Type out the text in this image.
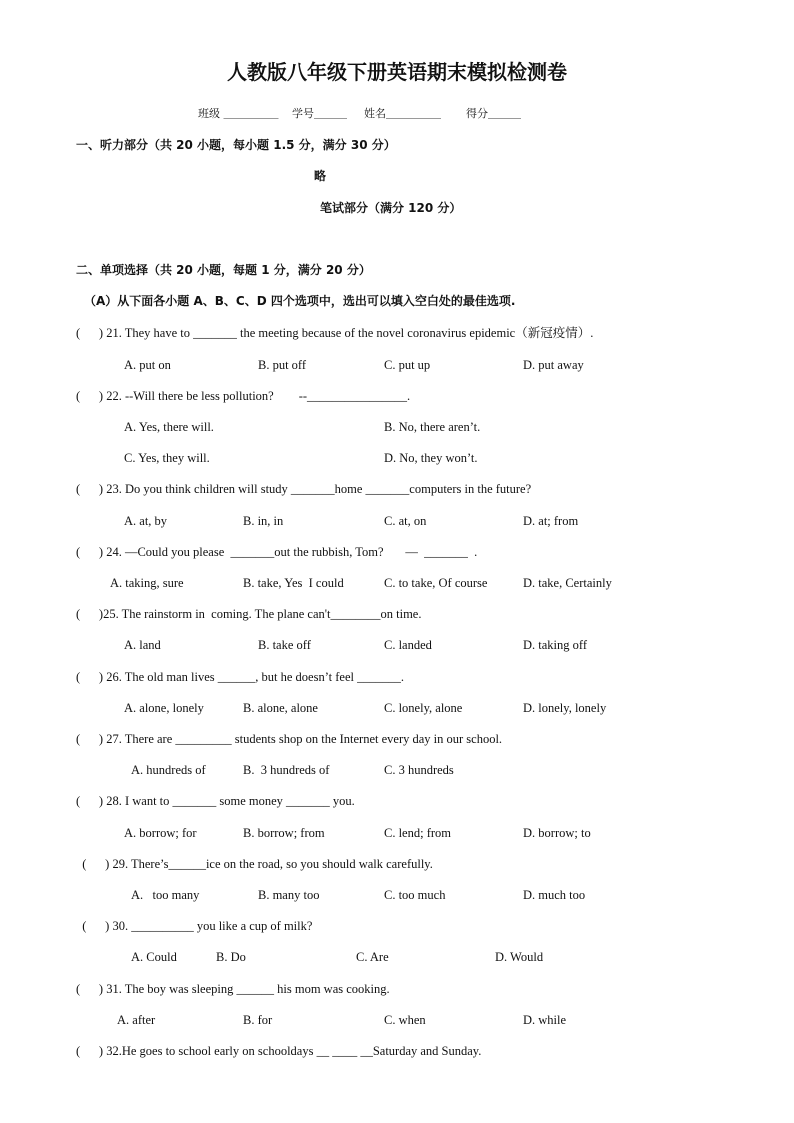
人教版八年级下册英语期末模拟检测卷
班级 ＿＿＿＿＿ 学号＿＿＿ 姓名＿＿＿＿＿ 得分＿＿＿
一、听力部分（共 20 小题，每小题 1.5 分，满分 30 分）
略
笔试部分（满分 120 分）
二、单项选择（共 20 小题，每题 1 分，满分 20 分）
（A）从下面各小题 A、B、C、D 四个选项中，选出可以填入空白处的最佳选项.
(      ) 21. They have to _______ the meeting because of the novel coronavirus epidemic（新冠疫情）.
A. put on	B. put off	C. put up	D. put away
(      ) 22. --Will there be less pollution?        --________________.
A. Yes, there will.	B. No, there aren’t.
C. Yes, they will.	D. No, they won’t.
(      ) 23. Do you think children will study _______home _______computers in the future?
A. at, by	B. in, in	C. at, on	D. at; from
(      ) 24. —Could you please  _______out the rubbish, Tom?       —  _______  .
A. taking, sure	B. take, Yes  I could	C. to take, Of course	D. take, Certainly
(      )25. The rainstorm in  coming. The plane can't________on time.
A. land	B. take off	C. landed	D. taking off
(      ) 26. The old man lives ______, but he doesn’t feel _______.
A. alone, lonely	B. alone, alone	C. lonely, alone	D. lonely, lonely
(      ) 27. There are _________ students shop on the Internet every day in our school.
A. hundreds of	B.  3 hundreds of	C. 3 hundreds
(      ) 28. I want to _______ some money _______ you.
A. borrow; for	B. borrow; from	C. lend; from	D. borrow; to
(      ) 29. There’s______ice on the road, so you should walk carefully.
A.   too many	B. many too	C. too much	D. much too
(      ) 30. __________ you like a cup of milk?
A. Could	B. Do	C. Are	D. Would
(      ) 31. The boy was sleeping ______ his mom was cooking.
A. after	B. for	C. when	D. while
(      ) 32.He goes to school early on schooldays __ ____ __Saturday and Sunday.
